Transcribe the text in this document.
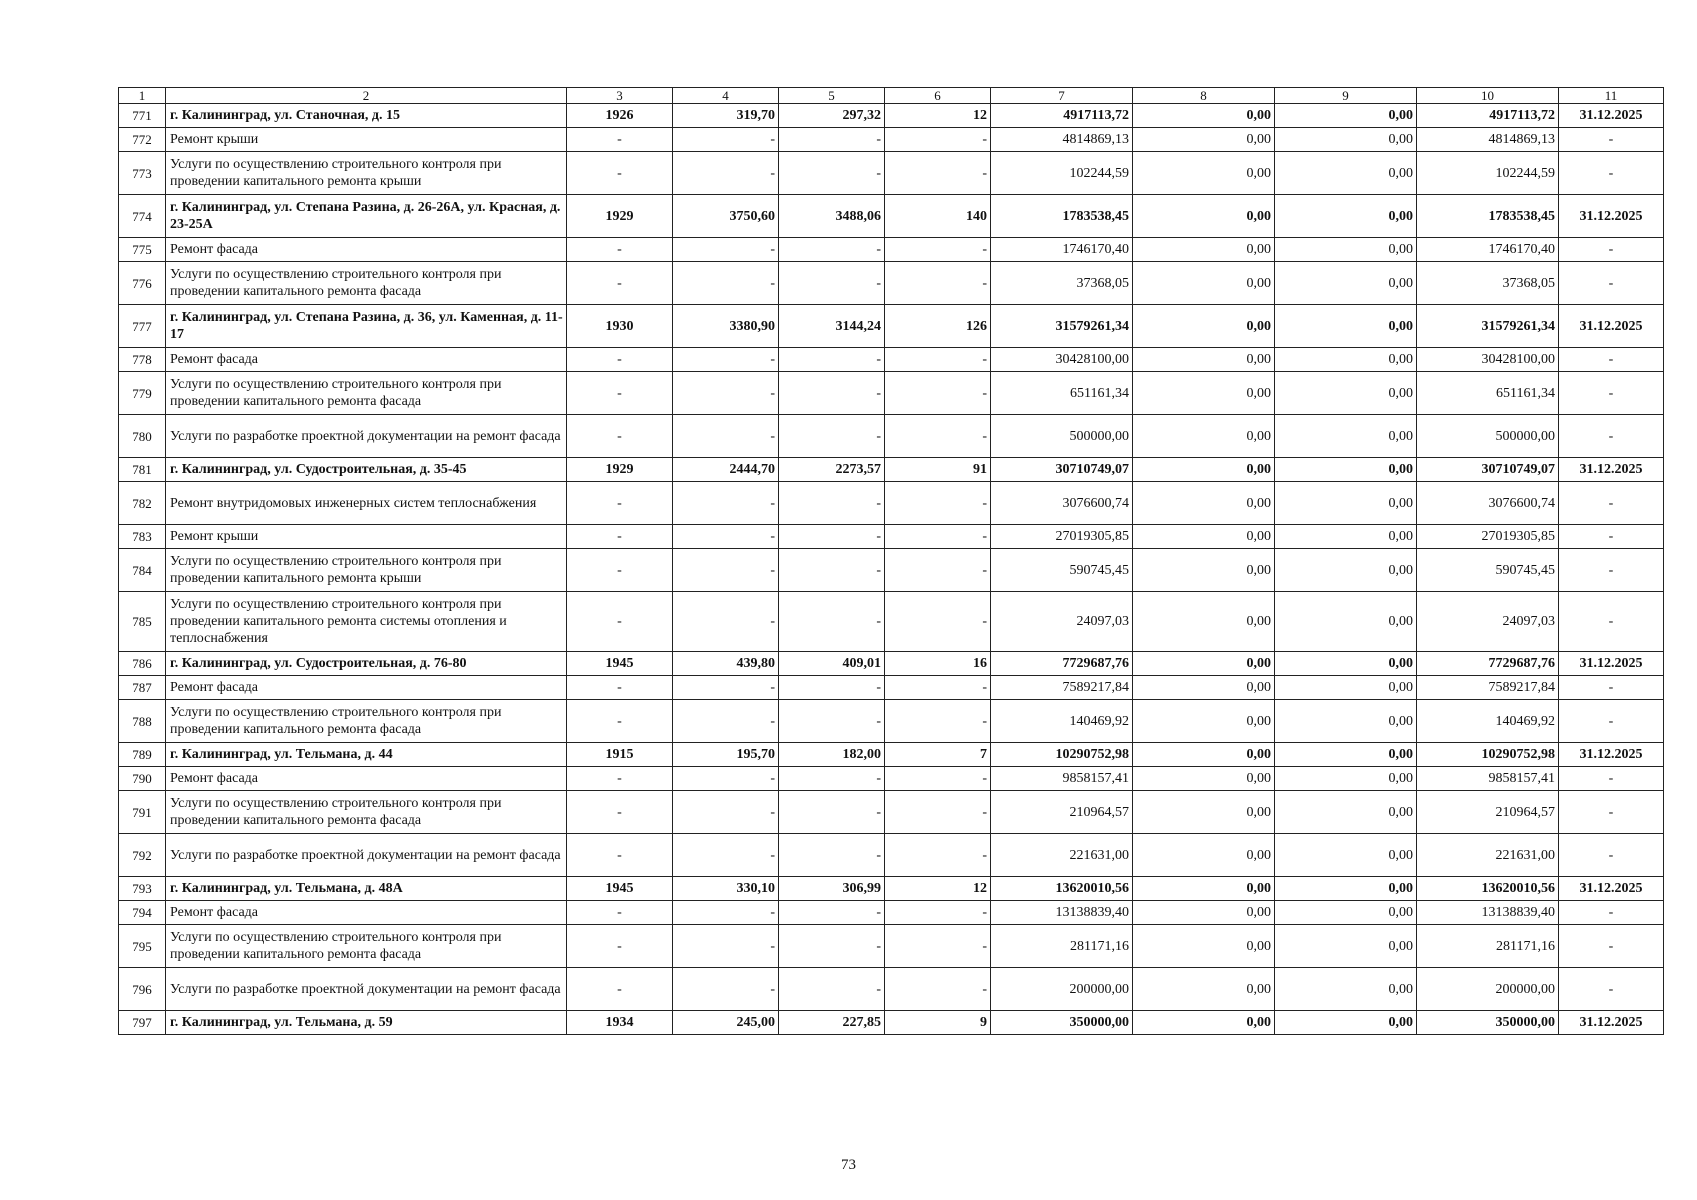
1	2	3	4	5	6	7	8	9	10	11
771	г. Калининград, ул. Станочная, д. 15	1926	319,70	297,32	12	4917113,72	0,00	0,00	4917113,72	31.12.2025
772	Ремонт крыши	-	-	-	-	4814869,13	0,00	0,00	4814869,13	-
773	Услуги по осуществлению строительного контроля при проведении капитального ремонта крыши	-	-	-	-	102244,59	0,00	0,00	102244,59	-
774	г. Калининград, ул. Степана Разина, д. 26-26А, ул. Красная, д. 23-25А	1929	3750,60	3488,06	140	1783538,45	0,00	0,00	1783538,45	31.12.2025
775	Ремонт фасада	-	-	-	-	1746170,40	0,00	0,00	1746170,40	-
776	Услуги по осуществлению строительного контроля при проведении капитального ремонта фасада	-	-	-	-	37368,05	0,00	0,00	37368,05	-
777	г. Калининград, ул. Степана Разина, д. 36, ул. Каменная, д. 11-17	1930	3380,90	3144,24	126	31579261,34	0,00	0,00	31579261,34	31.12.2025
778	Ремонт фасада	-	-	-	-	30428100,00	0,00	0,00	30428100,00	-
779	Услуги по осуществлению строительного контроля при проведении капитального ремонта фасада	-	-	-	-	651161,34	0,00	0,00	651161,34	-
780	Услуги по разработке проектной документации на ремонт фасада	-	-	-	-	500000,00	0,00	0,00	500000,00	-
781	г. Калининград, ул. Судостроительная, д. 35-45	1929	2444,70	2273,57	91	30710749,07	0,00	0,00	30710749,07	31.12.2025
782	Ремонт внутридомовых инженерных систем теплоснабжения	-	-	-	-	3076600,74	0,00	0,00	3076600,74	-
783	Ремонт крыши	-	-	-	-	27019305,85	0,00	0,00	27019305,85	-
784	Услуги по осуществлению строительного контроля при проведении капитального ремонта крыши	-	-	-	-	590745,45	0,00	0,00	590745,45	-
785	Услуги по осуществлению строительного контроля при проведении капитального ремонта системы отопления и теплоснабжения	-	-	-	-	24097,03	0,00	0,00	24097,03	-
786	г. Калининград, ул. Судостроительная, д. 76-80	1945	439,80	409,01	16	7729687,76	0,00	0,00	7729687,76	31.12.2025
787	Ремонт фасада	-	-	-	-	7589217,84	0,00	0,00	7589217,84	-
788	Услуги по осуществлению строительного контроля при проведении капитального ремонта фасада	-	-	-	-	140469,92	0,00	0,00	140469,92	-
789	г. Калининград, ул. Тельмана, д. 44	1915	195,70	182,00	7	10290752,98	0,00	0,00	10290752,98	31.12.2025
790	Ремонт фасада	-	-	-	-	9858157,41	0,00	0,00	9858157,41	-
791	Услуги по осуществлению строительного контроля при проведении капитального ремонта фасада	-	-	-	-	210964,57	0,00	0,00	210964,57	-
792	Услуги по разработке проектной документации на ремонт фасада	-	-	-	-	221631,00	0,00	0,00	221631,00	-
793	г. Калининград, ул. Тельмана, д. 48А	1945	330,10	306,99	12	13620010,56	0,00	0,00	13620010,56	31.12.2025
794	Ремонт фасада	-	-	-	-	13138839,40	0,00	0,00	13138839,40	-
795	Услуги по осуществлению строительного контроля при проведении капитального ремонта фасада	-	-	-	-	281171,16	0,00	0,00	281171,16	-
796	Услуги по разработке проектной документации на ремонт фасада	-	-	-	-	200000,00	0,00	0,00	200000,00	-
797	г. Калининград, ул. Тельмана, д. 59	1934	245,00	227,85	9	350000,00	0,00	0,00	350000,00	31.12.2025
73
